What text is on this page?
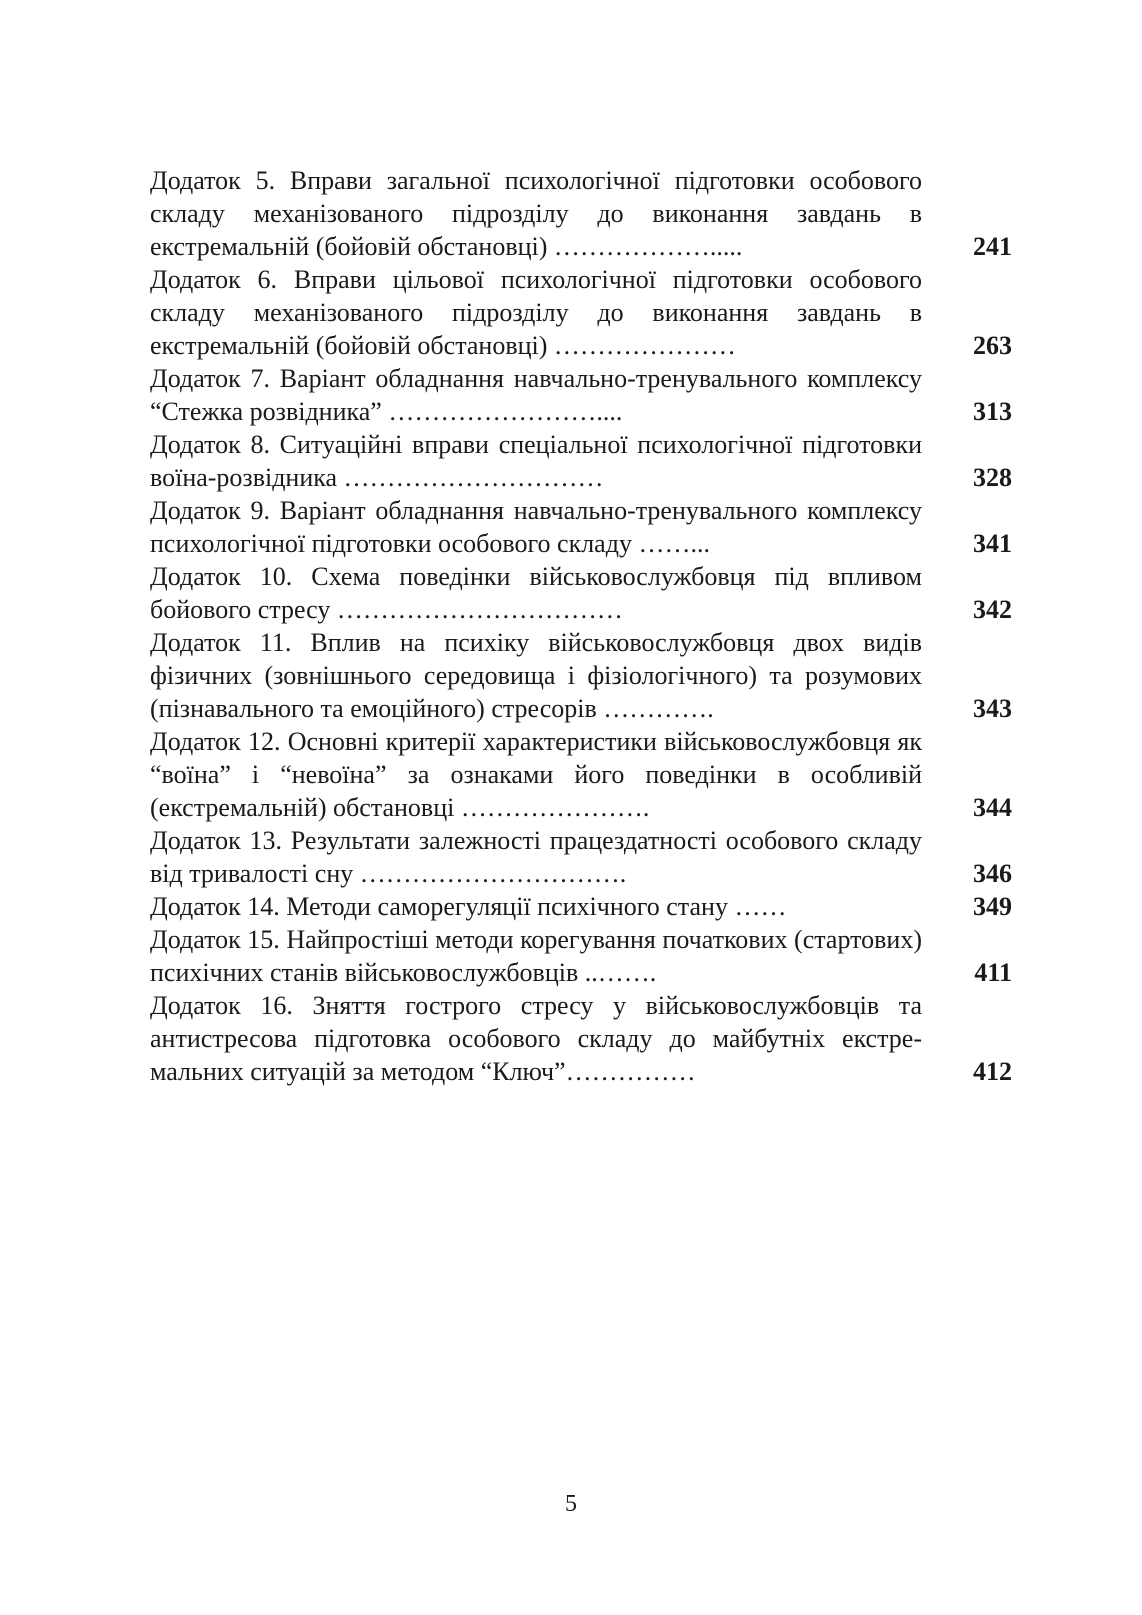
Додаток 5. Вправи загальної психологічної підготовки особового складу механізованого підрозділу до виконання завдань в екстремальній (бойовій обстановці) ……………….....	241
Додаток 6. Вправи цільової психологічної підготовки особового складу механізованого підрозділу до виконання завдань в екстремальній (бойовій обстановці) …………………	263
Додаток 7. Варіант обладнання навчально-тренувального комплексу “Стежка розвідника” ……………………....	313
Додаток 8. Ситуаційні вправи спеціальної психологічної підготовки воїна-розвідника …………………………	328
Додаток 9. Варіант обладнання навчально-тренувального комплексу психологічної підготовки особового складу ……...	341
Додаток 10. Схема поведінки військовослужбовця під впливом бойового стресу ……………………………	342
Додаток 11. Вплив на психіку військовослужбовця двох видів фізичних (зовнішнього середовища і фізіологічного) та розумових (пізнавального та емоційного) стресорів ………….	343
Додаток 12. Основні критерії характеристики військовослужбовця як “воїна” і “невоїна” за ознаками його поведінки в особливій (екстремальній) обстановці ………………….	344
Додаток 13. Результати залежності працездатності особового складу від тривалості сну ………………………….	346
Додаток 14. Методи саморегуляції психічного стану ……	349
Додаток 15. Найпростіші методи корегування початкових (стартових) психічних станів військовослужбовців ..…….	411
Додаток 16. Зняття гострого стресу у військовослужбовців та антистресова підготовка особового складу до майбутніх екстремальних ситуацій за методом “Ключ”……………	412
5
